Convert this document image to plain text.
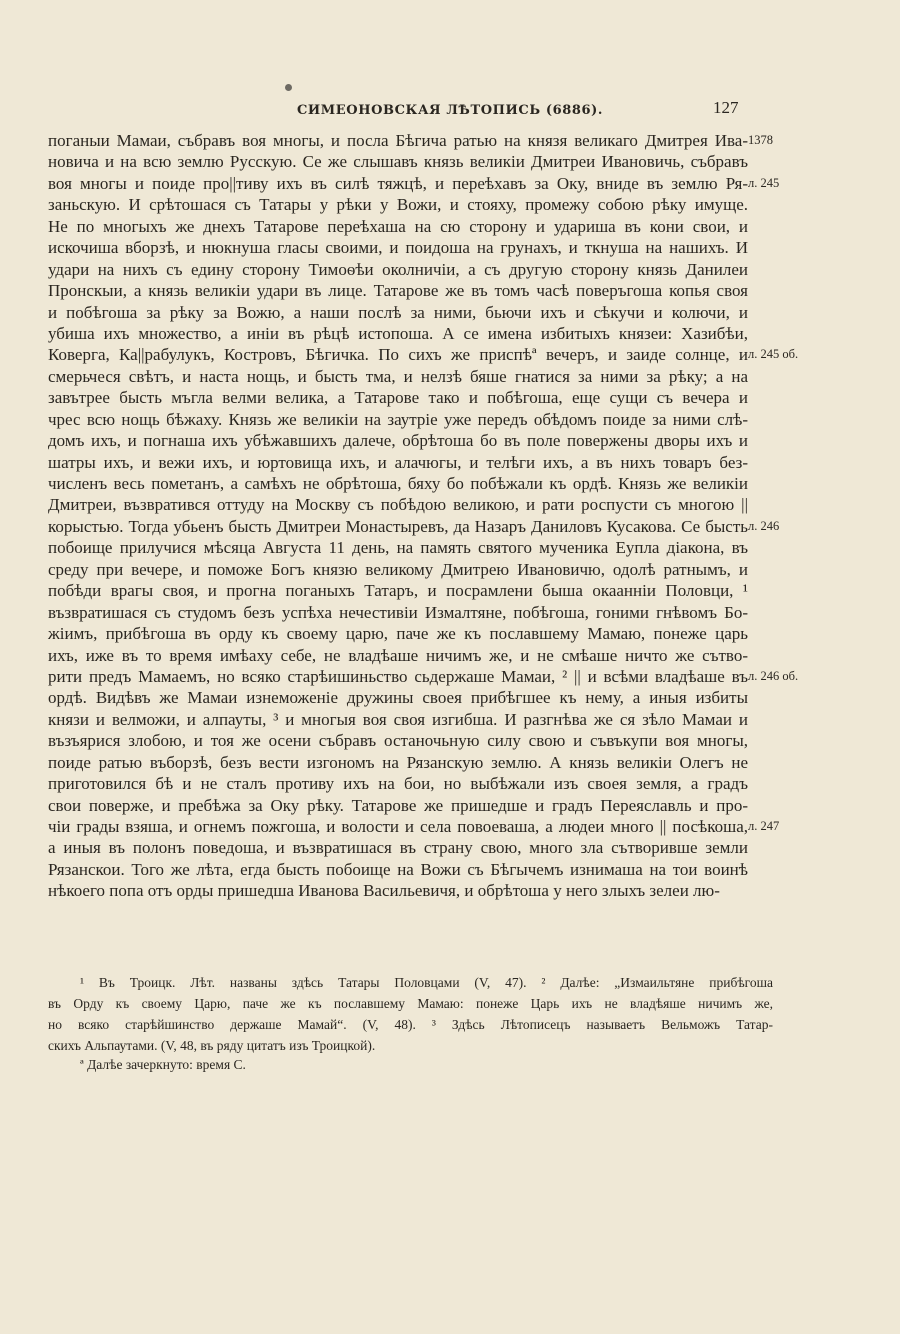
СИМЕОНОВСКАЯ ЛѢТОПИСЬ (6886).	127
поганыи Мамаи, събравъ воя многы, и посла Бѣгича ратью на князя великаго Дмитрея Ива- 1378
новича и на всю землю Русскую. Се же слышавъ князь великіи Дмитреи Ивановичь, събравъ
воя многы и поиде про||тиву ихъ въ силѣ тяжцѣ, и переѣхавъ за Оку, вниде въ землю Ря- л. 245
заньскую. И срѣтошася съ Татары у рѣки у Вожи, и стояху, промежу собою рѣку имуще.
Не по многыхъ же днехъ Татарове переѣхаша на сю сторону и удариша въ кони свои, и
искочиша вборзѣ, и нюкнуша гласы своими, и поидоша на грунахъ, и ткнуша на нашихъ. И
удари на нихъ съ едину сторону Тимоѳѣи околничіи, а съ другую сторону князь Данилеи
Пронскыи, а князь великіи удари въ лице. Татарове же въ томъ часѣ поверъгоша копья своя
и побѣгоша за рѣку за Вожю, а наши послѣ за ними, бьючи ихъ и сѣкучи и колючи, и
убиша ихъ множество, а иніи въ рѣцѣ истопоша. А се имена избитыхъ князеи: Хазибѣи,
Коверга, Ка||рабулукъ, Костровъ, Бѣгичка. По сихъ же приспѣª вечеръ, и заиде солнце, и л. 245 об.
смерьчеся свѣтъ, и наста нощь, и бысть тма, и нелзѣ бяше гнатися за ними за рѣку; а на
завътрее бысть мъгла велми велика, а Татарове тако и побѣгоша, еще сущи съ вечера и
чрес всю нощь бѣжаху. Князь же великіи на заутріе уже передъ обѣдомъ поиде за ними слѣ-
домъ ихъ, и погнаша ихъ убѣжавшихъ далече, обрѣтоша бо въ поле повержены дворы ихъ и
шатры ихъ, и вежи ихъ, и юртовища ихъ, и алачюгы, и телѣги ихъ, а въ нихъ товаръ без-
численъ весь пометанъ, а самѣхъ не обрѣтоша, бяху бо побѣжали къ ордѣ. Князь же великіи
Дмитреи, възвратився оттуду на Москву съ побѣдою великою, и рати роспусти съ многою ||
корыстью. Тогда убьенъ бысть Дмитреи Монастыревъ, да Назаръ Даниловъ Кусакова. Се бысть л. 246
побоище прилучися мѣсяца Августа 11 день, на память святого мученика Еупла діакона, въ
среду при вечере, и поможе Богъ князю великому Дмитрею Ивановичю, одолѣ ратнымъ, и
побѣди врагы своя, и прогна поганыхъ Татаръ, и посрамлени быша окаанніи Половци, ¹
възвратишася съ студомъ безъ успѣха нечестивіи Измалтяне, побѣгоша, гоними гнѣвомъ Бо-
жіимъ, прибѣгоша въ орду къ своему царю, паче же къ пославшему Мамаю, понеже царь
ихъ, иже въ то время имѣаху себе, не владѣаше ничимъ же, и не смѣаше ничто же сътво-
рити предъ Мамаемъ, но всяко старѣишиньство сьдержаше Мамаи, ² || и всѣми владѣаше въ л. 246 об.
ордѣ. Видѣвъ же Мамаи изнеможеніе дружины своея прибѣгшее къ нему, а иныя избиты
князи и велможи, и алпауты, ³ и многыя воя своя изгибша. И разгнѣва же ся зѣло Мамаи и
възъярися злобою, и тоя же осени събравъ останочьную силу свою и съвъкупи воя многы,
поиде ратью въборзѣ, безъ вести изгономъ на Рязанскую землю. А князь великіи Олегъ не
приготовился бѣ и не сталъ противу ихъ на бои, но выбѣжали изъ своея земля, а градъ
свои поверже, и пребѣжа за Оку рѣку. Татарове же пришедше и градъ Переяславль и про-
чіи грады взяша, и огнемъ пожгоша, и волости и села повоеваша, а людеи много || посѣкоша, л. 247
а иныя въ полонъ поведоша, и възвратишася въ страну свою, много зла сътворивше земли
Рязанскои. Того же лѣта, егда бысть побоище на Вожи съ Бѣгычемъ изнимаша на тои воинѣ
нѣкоего попа отъ орды пришедша Иванова Васильевичя, и обрѣтоша у него злыхъ зелеи лю-
¹ Въ Троицк. Лѣт. названы здѣсь Татары Половцами (V, 47). ² Далѣе: „Измаильтяне прибѣгоша
въ Орду къ своему Царю, паче же къ пославшему Мамаю: понеже Царь ихъ не владѣяше ничимъ же,
но всяко старѣйшинство держаше Мамай“. (V, 48). ³ Здѣсь Лѣтописецъ называетъ Вельможъ Татар-
скихъ Альпаутами. (V, 48, въ ряду цитатъ изъ Троицкой).
ª Далѣе зачеркнуто: время С.
